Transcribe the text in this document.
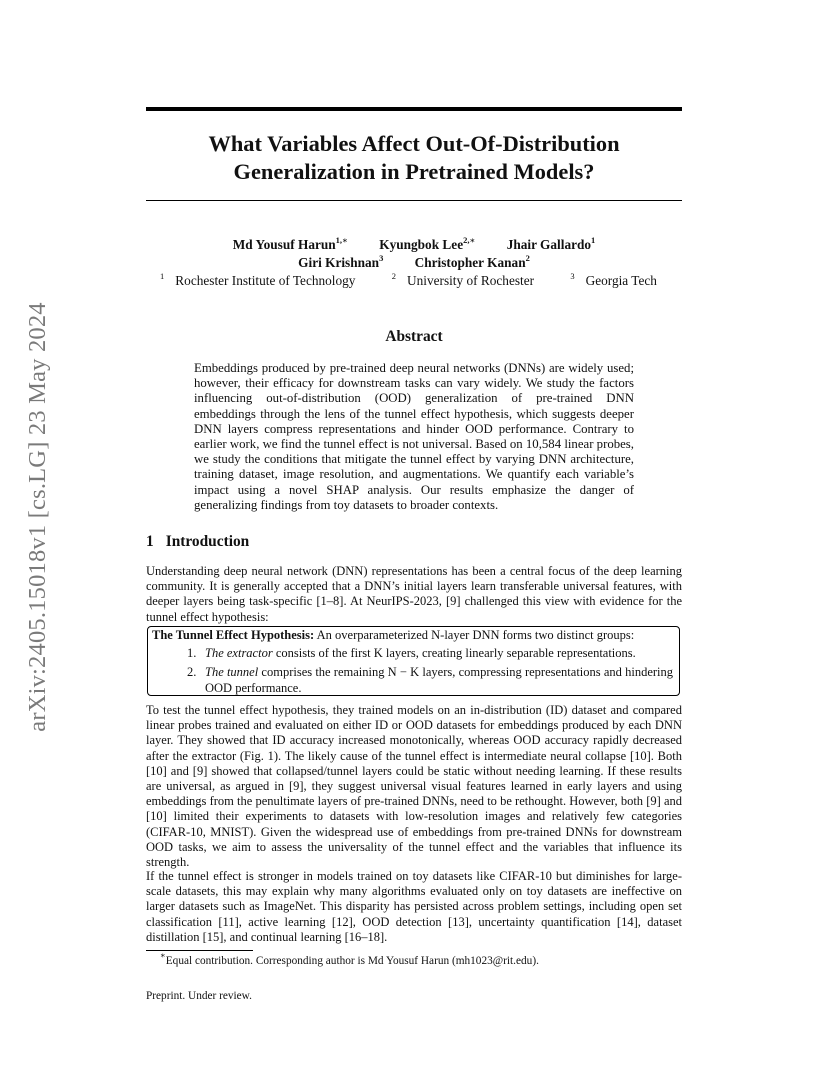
arXiv:2405.15018v1 [cs.LG] 23 May 2024
What Variables Affect Out-Of-Distribution
Generalization in Pretrained Models?
Md Yousuf Harun$^{1,∗}$ Kyungbok Lee$^{2,∗}$ Jhair Gallardo$^1$
Giri Krishnan$^3$ Christopher Kanan$^2$
$^1$ Rochester Institute of Technology	$^2$ University of Rochester	$^3$ Georgia Tech
Abstract
Embeddings produced by pre-trained deep neural networks (DNNs) are widely used; however, their efficacy for downstream tasks can vary widely. We study the factors influencing out-of-distribution (OOD) generalization of pre-trained DNN embeddings through the lens of the tunnel effect hypothesis, which suggests deeper DNN layers compress representations and hinder OOD performance. Contrary to earlier work, we find the tunnel effect is not universal. Based on 10,584 linear probes, we study the conditions that mitigate the tunnel effect by varying DNN architecture, training dataset, image resolution, and augmentations. We quantify each variable’s impact using a novel SHAP analysis. Our results emphasize the danger of generalizing findings from toy datasets to broader contexts.
1 Introduction
Understanding deep neural network (DNN) representations has been a central focus of the deep learning community. It is generally accepted that a DNN’s initial layers learn transferable universal features, with deeper layers being task-specific [1–8]. At NeurIPS-2023, [9] challenged this view with evidence for the tunnel effect hypothesis:
The Tunnel Effect Hypothesis: An overparameterized N-layer DNN forms two distinct groups:
1. The extractor consists of the first K layers, creating linearly separable representations.
2. The tunnel comprises the remaining N − K layers, compressing representations and hindering OOD performance.
To test the tunnel effect hypothesis, they trained models on an in-distribution (ID) dataset and compared linear probes trained and evaluated on either ID or OOD datasets for embeddings produced by each DNN layer. They showed that ID accuracy increased monotonically, whereas OOD accuracy rapidly decreased after the extractor (Fig. 1). The likely cause of the tunnel effect is intermediate neural collapse [10]. Both [10] and [9] showed that collapsed/tunnel layers could be static without needing learning. If these results are universal, as argued in [9], they suggest universal visual features learned in early layers and using embeddings from the penultimate layers of pre-trained DNNs, need to be rethought. However, both [9] and [10] limited their experiments to datasets with low-resolution images and relatively few categories (CIFAR-10, MNIST). Given the widespread use of embeddings from pre-trained DNNs for downstream OOD tasks, we aim to assess the universality of the tunnel effect and the variables that influence its strength.
If the tunnel effect is stronger in models trained on toy datasets like CIFAR-10 but diminishes for large-scale datasets, this may explain why many algorithms evaluated only on toy datasets are ineffective on larger datasets such as ImageNet. This disparity has persisted across problem settings, including open set classification [11], active learning [12], OOD detection [13], uncertainty quantification [14], dataset distillation [15], and continual learning [16–18].
∗Equal contribution. Corresponding author is Md Yousuf Harun (mh1023@rit.edu).
Preprint. Under review.
